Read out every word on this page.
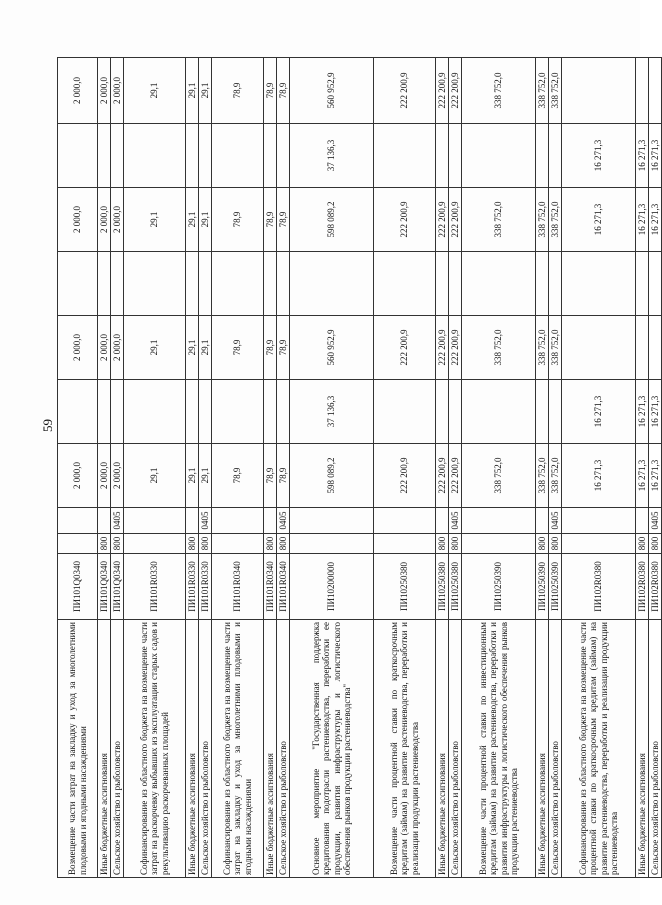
59
Возмещение части затрат на закладку и уход за многолетними плодовыми и ягодными насаждениями	ПИ101Q0340			2 000,0		2 000,0		2 000,0		2 000,0
Иные бюджетные ассигнования	ПИ101Q0340	800		2 000,0		2 000,0		2 000,0		2 000,0
Сельское хозяйство и рыболовство	ПИ101Q0340	800	0405	2 000,0		2 000,0		2 000,0		2 000,0
Софинансирование из областного бюджета на возмещение части затрат на раскорчевку выбывших из эксплуатации старых садов и рекультивацию раскорчеванных площадей	ПИ101R0330			29,1		29,1		29,1		29,1
Иные бюджетные ассигнования	ПИ101R0330	800		29,1		29,1		29,1		29,1
Сельское хозяйство и рыболовство	ПИ101R0330	800	0405	29,1		29,1		29,1		29,1
Софинансирование из областного бюджета на возмещение части затрат на закладку и уход за многолетними плодовыми и ягодными насаждениями	ПИ101R0340			78,9		78,9		78,9		78,9
Иные бюджетные ассигнования	ПИ101R0340	800		78,9		78,9		78,9		78,9
Сельское хозяйство и рыболовство	ПИ101R0340	800	0405	78,9		78,9		78,9		78,9
Основное мероприятие "Государственная поддержка кредитования подотрасли растениеводства, переработки ее продукции, развития инфраструктуры и логистического обеспечения рынков продукции растениеводства"	ПИ10200000			598 089,2	37 136,3	560 952,9		598 089,2	37 136,3	560 952,9
Возмещение части процентной ставки по краткосрочным кредитам (займам) на развитие растениеводства, переработки и реализации продукции растениеводства	ПИ10250380			222 200,9		222 200,9		222 200,9		222 200,9
Иные бюджетные ассигнования	ПИ10250380	800		222 200,9		222 200,9		222 200,9		222 200,9
Сельское хозяйство и рыболовство	ПИ10250380	800	0405	222 200,9		222 200,9		222 200,9		222 200,9
Возмещение части процентной ставки по инвестиционным кредитам (займам) на развитие растениеводства, переработки и развития инфраструктуры и логистического обеспечения рынков продукции растениеводства	ПИ10250390			338 752,0		338 752,0		338 752,0		338 752,0
Иные бюджетные ассигнования	ПИ10250390	800		338 752,0		338 752,0		338 752,0		338 752,0
Сельское хозяйство и рыболовство	ПИ10250390	800	0405	338 752,0		338 752,0		338 752,0		338 752,0
Софинансирование из областного бюджета на возмещение части процентной ставки по краткосрочным кредитам (займам) на развитие растениеводства, переработки и реализации продукции растениеводства	ПИ102R0380			16 271,3	16 271,3			16 271,3	16 271,3	
Иные бюджетные ассигнования	ПИ102R0380	800		16 271,3	16 271,3			16 271,3	16 271,3	
Сельское хозяйство и рыболовство	ПИ102R0380	800	0405	16 271,3	16 271,3			16 271,3	16 271,3	
